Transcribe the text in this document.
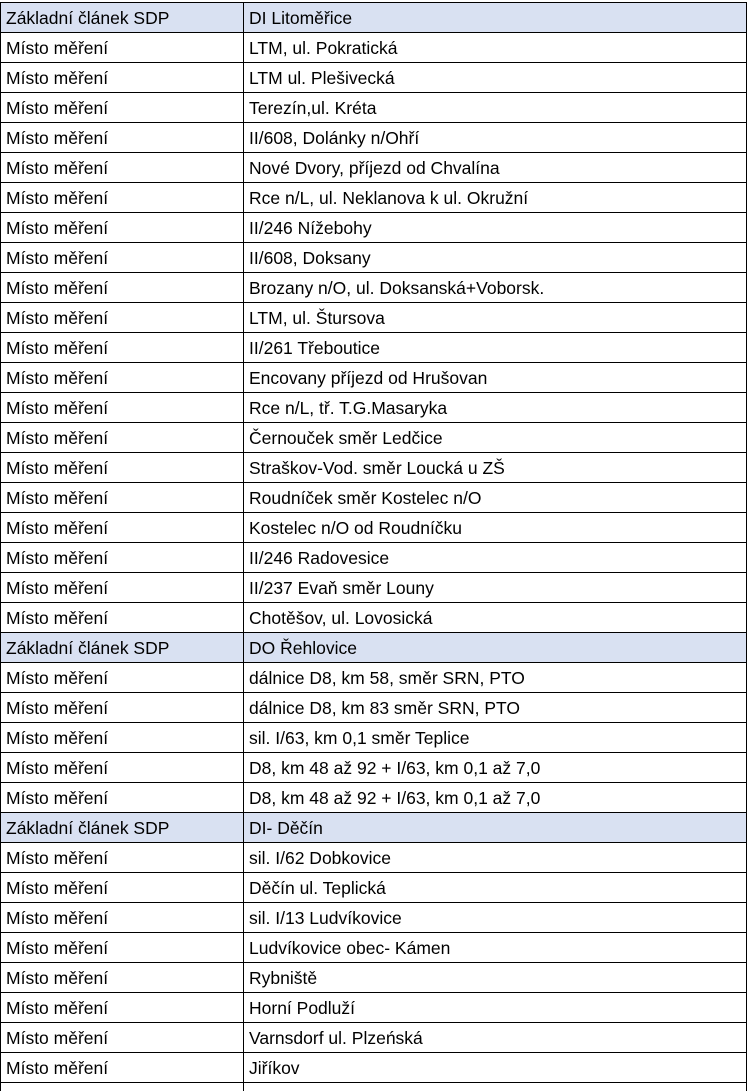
Základní článek SDP	DI Litoměřice
Místo měření	LTM, ul. Pokratická
Místo měření	LTM ul. Plešivecká
Místo měření	Terezín,ul. Kréta
Místo měření	II/608, Dolánky n/Ohří
Místo měření	Nové Dvory, příjezd od Chvalína
Místo měření	Rce n/L, ul. Neklanova k ul. Okružní
Místo měření	II/246 Nížebohy
Místo měření	II/608, Doksany
Místo měření	Brozany n/O, ul. Doksanská+Voborsk.
Místo měření	LTM, ul. Štursova
Místo měření	II/261 Třeboutice
Místo měření	Encovany příjezd od Hrušovan
Místo měření	Rce n/L, tř. T.G.Masaryka
Místo měření	Černouček směr Ledčice
Místo měření	Straškov-Vod. směr Loucká u ZŠ
Místo měření	Roudníček směr Kostelec n/O
Místo měření	Kostelec n/O od Roudníčku
Místo měření	II/246 Radovesice
Místo měření	II/237 Evaň směr Louny
Místo měření	Chotěšov, ul. Lovosická
Základní článek SDP	DO Řehlovice
Místo měření	dálnice D8, km 58, směr SRN, PTO
Místo měření	dálnice D8, km 83 směr SRN, PTO
Místo měření	sil. I/63, km 0,1 směr Teplice
Místo měření	D8, km 48 až 92 + I/63, km 0,1 až 7,0
Místo měření	D8, km 48 až 92 + I/63, km 0,1 až 7,0
Základní článek SDP	DI- Děčín
Místo měření	sil. I/62 Dobkovice
Místo měření	Děčín ul. Teplická
Místo měření	sil. I/13 Ludvíkovice
Místo měření	Ludvíkovice obec- Kámen
Místo měření	Rybniště
Místo měření	Horní Podluží
Místo měření	Varnsdorf ul. Plzeńská
Místo měření	Jiříkov
